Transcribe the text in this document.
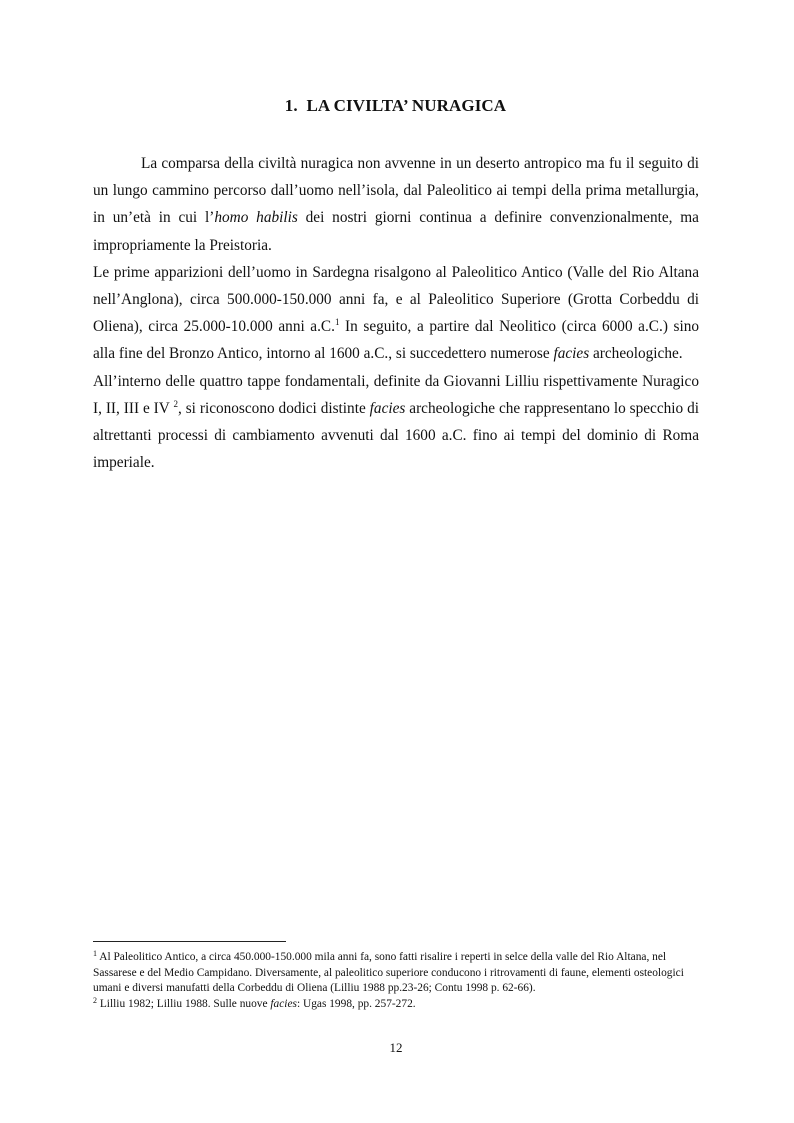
1. LA CIVILTA’ NURAGICA

La comparsa della civiltà nuragica non avvenne in un deserto antropico ma fu il seguito di un lungo cammino percorso dall’uomo nell’isola, dal Paleolitico ai tempi della prima metallurgia, in un’età in cui l’homo habilis dei nostri giorni continua a definire convenzionalmente, ma impropriamente la Preistoria.

Le prime apparizioni dell’uomo in Sardegna risalgono al Paleolitico Antico (Valle del Rio Altana nell’Anglona), circa 500.000-150.000 anni fa, e al Paleolitico Superiore (Grotta Corbeddu di Oliena), circa 25.000-10.000 anni a.C.$^1$ In seguito, a partire dal Neolitico (circa 6000 a.C.) sino alla fine del Bronzo Antico, intorno al 1600 a.C., si succedettero numerose facies archeologiche.

All’interno delle quattro tappe fondamentali, definite da Giovanni Lilliu rispettivamente Nuragico I, II, III e IV $^2$, si riconoscono dodici distinte facies archeologiche che rappresentano lo specchio di altrettanti processi di cambiamento avvenuti dal 1600 a.C. fino ai tempi del dominio di Roma imperiale.

$^1$ Al Paleolitico Antico, a circa 450.000-150.000 mila anni fa, sono fatti risalire i reperti in selce della valle del Rio Altana, nel Sassarese e del Medio Campidano. Diversamente, al paleolitico superiore conducono i ritrovamenti di faune, elementi osteologici umani e diversi manufatti della Corbeddu di Oliena (Lilliu 1988 pp.23-26; Contu 1998 p. 62-66).

$^2$ Lilliu 1982; Lilliu 1988. Sulle nuove facies: Ugas 1998, pp. 257-272.

12
